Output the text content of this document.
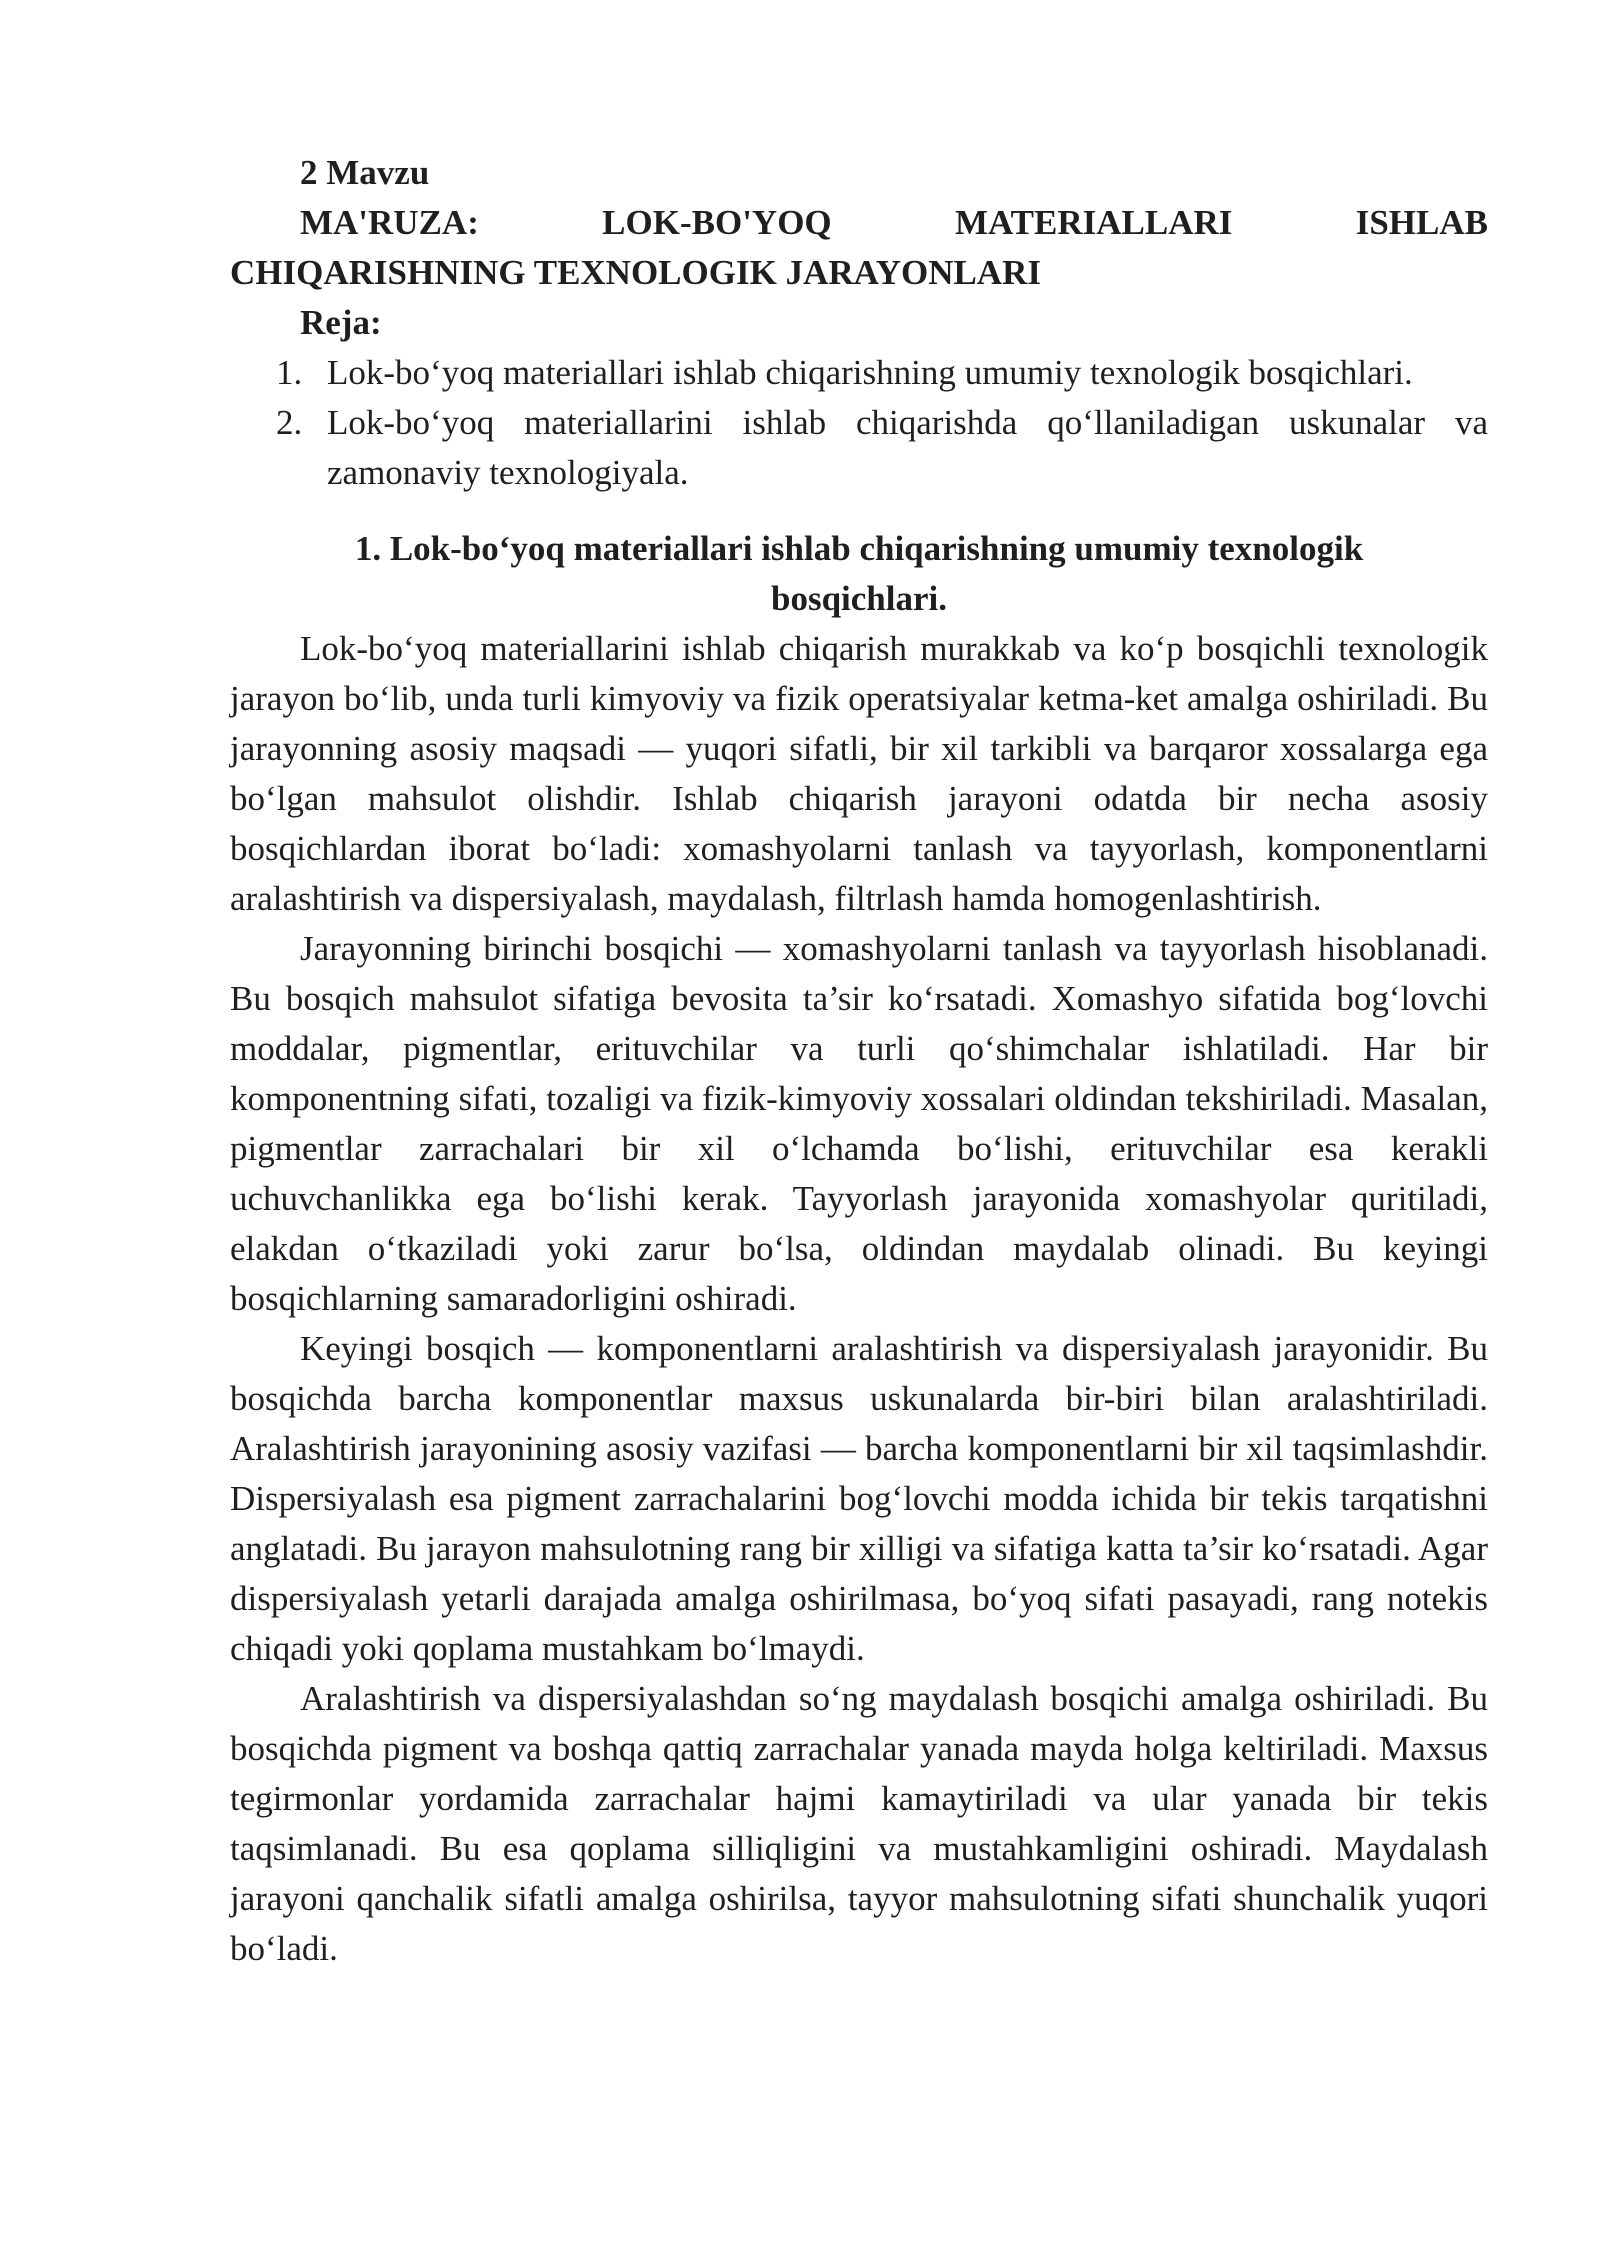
2 Mavzu

MA'RUZA: LOK-BO'YOQ MATERIALLARI ISHLAB

CHIQARISHNING TEXNOLOGIK JARAYONLARI

Reja:

1. Lok-bo‘yoq materiallari ishlab chiqarishning umumiy texnologik bosqichlari.
2. Lok-bo‘yoq materiallarini ishlab chiqarishda qo‘llaniladigan uskunalar va zamonaviy texnologiyala.

1. Lok-bo‘yoq materiallari ishlab chiqarishning umumiy texnologik bosqichlari.

Lok-bo‘yoq materiallarini ishlab chiqarish murakkab va ko‘p bosqichli texnologik jarayon bo‘lib, unda turli kimyoviy va fizik operatsiyalar ketma-ket amalga oshiriladi. Bu jarayonning asosiy maqsadi — yuqori sifatli, bir xil tarkibli va barqaror xossalarga ega bo‘lgan mahsulot olishdir. Ishlab chiqarish jarayoni odatda bir necha asosiy bosqichlardan iborat bo‘ladi: xomashyolarni tanlash va tayyorlash, komponentlarni aralashtirish va dispersiyalash, maydalash, filtrlash hamda homogenlashtirish.

Jarayonning birinchi bosqichi — xomashyolarni tanlash va tayyorlash hisoblanadi. Bu bosqich mahsulot sifatiga bevosita ta’sir ko‘rsatadi. Xomashyo sifatida bog‘lovchi moddalar, pigmentlar, erituvchilar va turli qo‘shimchalar ishlatiladi. Har bir komponentning sifati, tozaligi va fizik-kimyoviy xossalari oldindan tekshiriladi. Masalan, pigmentlar zarrachalari bir xil o‘lchamda bo‘lishi, erituvchilar esa kerakli uchuvchanlikka ega bo‘lishi kerak. Tayyorlash jarayonida xomashyolar quritiladi, elakdan o‘tkaziladi yoki zarur bo‘lsa, oldindan maydalab olinadi. Bu keyingi bosqichlarning samaradorligini oshiradi.

Keyingi bosqich — komponentlarni aralashtirish va dispersiyalash jarayonidir. Bu bosqichda barcha komponentlar maxsus uskunalarda bir-biri bilan aralashtiriladi. Aralashtirish jarayonining asosiy vazifasi — barcha komponentlarni bir xil taqsimlashdir. Dispersiyalash esa pigment zarrachalarini bog‘lovchi modda ichida bir tekis tarqatishni anglatadi. Bu jarayon mahsulotning rang bir xilligi va sifatiga katta ta’sir ko‘rsatadi. Agar dispersiyalash yetarli darajada amalga oshirilmasa, bo‘yoq sifati pasayadi, rang notekis chiqadi yoki qoplama mustahkam bo‘lmaydi.

Aralashtirish va dispersiyalashdan so‘ng maydalash bosqichi amalga oshiriladi. Bu bosqichda pigment va boshqa qattiq zarrachalar yanada mayda holga keltiriladi. Maxsus tegirmonlar yordamida zarrachalar hajmi kamaytiriladi va ular yanada bir tekis taqsimlanadi. Bu esa qoplama silliqligini va mustahkamligini oshiradi. Maydalash jarayoni qanchalik sifatli amalga oshirilsa, tayyor mahsulotning sifati shunchalik yuqori bo‘ladi.
